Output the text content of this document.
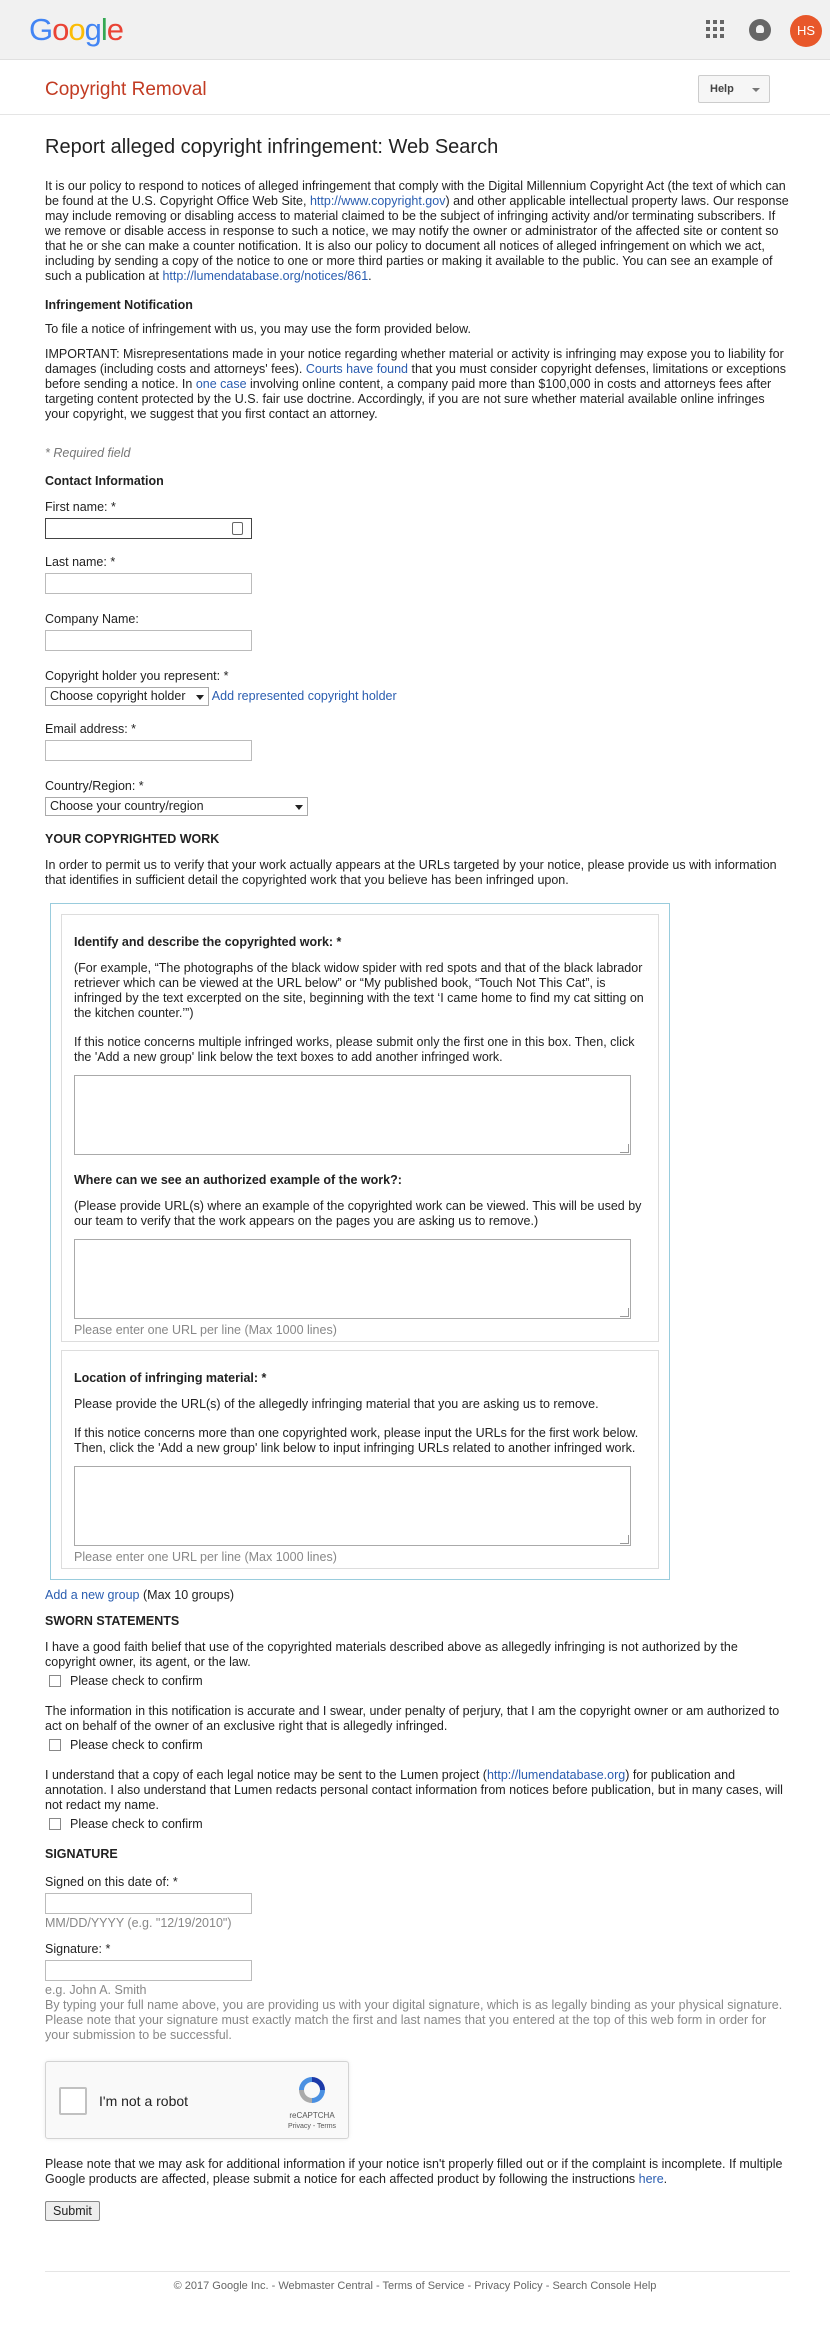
Google	HS
Copyright Removal	Help
Report alleged copyright infringement: Web Search

It is our policy to respond to notices of alleged infringement that comply with the Digital Millennium Copyright Act (the text of which can be found at the U.S. Copyright Office Web Site, http://www.copyright.gov) and other applicable intellectual property laws. Our response may include removing or disabling access to material claimed to be the subject of infringing activity and/or terminating subscribers. If we remove or disable access in response to such a notice, we may notify the owner or administrator of the affected site or content so that he or she can make a counter notification. It is also our policy to document all notices of alleged infringement on which we act, including by sending a copy of the notice to one or more third parties or making it available to the public. You can see an example of such a publication at http://lumendatabase.org/notices/861.

Infringement Notification

To file a notice of infringement with us, you may use the form provided below.

IMPORTANT: Misrepresentations made in your notice regarding whether material or activity is infringing may expose you to liability for damages (including costs and attorneys' fees). Courts have found that you must consider copyright defenses, limitations or exceptions before sending a notice. In one case involving online content, a company paid more than $100,000 in costs and attorneys fees after targeting content protected by the U.S. fair use doctrine. Accordingly, if you are not sure whether material available online infringes your copyright, we suggest that you first contact an attorney.

* Required field
Contact Information
First name: *
Last name: *
Company Name:
Copyright holder you represent: *
Choose copyright holder Add represented copyright holder
Email address: *
Country/Region: *
Choose your country/region
YOUR COPYRIGHTED WORK

In order to permit us to verify that your work actually appears at the URLs targeted by your notice, please provide us with information that identifies in sufficient detail the copyrighted work that you believe has been infringed upon.

Identify and describe the copyrighted work: *

(For example, “The photographs of the black widow spider with red spots and that of the black labrador retriever which can be viewed at the URL below” or “My published book, “Touch Not This Cat”, is infringed by the text excerpted on the site, beginning with the text ‘I came home to find my cat sitting on the kitchen counter.’”)

If this notice concerns multiple infringed works, please submit only the first one in this box. Then, click the 'Add a new group' link below the text boxes to add another infringed work.

Where can we see an authorized example of the work?:

(Please provide URL(s) where an example of the copyrighted work can be viewed. This will be used by our team to verify that the work appears on the pages you are asking us to remove.)

Please enter one URL per line (Max 1000 lines)
Location of infringing material: *

Please provide the URL(s) of the allegedly infringing material that you are asking us to remove.

If this notice concerns more than one copyrighted work, please input the URLs for the first work below. Then, click the 'Add a new group' link below to input infringing URLs related to another infringed work.

Please enter one URL per line (Max 1000 lines)
Add a new group (Max 10 groups)
SWORN STATEMENTS

I have a good faith belief that use of the copyrighted materials described above as allegedly infringing is not authorized by the copyright owner, its agent, or the law.

Please check to confirm

The information in this notification is accurate and I swear, under penalty of perjury, that I am the copyright owner or am authorized to act on behalf of the owner of an exclusive right that is allegedly infringed.

Please check to confirm

I understand that a copy of each legal notice may be sent to the Lumen project (http://lumendatabase.org) for publication and annotation. I also understand that Lumen redacts personal contact information from notices before publication, but in many cases, will not redact my name.

Please check to confirm
SIGNATURE
Signed on this date of: *
MM/DD/YYYY (e.g. "12/19/2010")
Signature: *
e.g. John A. Smith

By typing your full name above, you are providing us with your digital signature, which is as legally binding as your physical signature. Please note that your signature must exactly match the first and last names that you entered at the top of this web form in order for your submission to be successful.

I'm not a robot
reCAPTCHA
Privacy - Terms

Please note that we may ask for additional information if your notice isn't properly filled out or if the complaint is incomplete. If multiple Google products are affected, please submit a notice for each affected product by following the instructions here.

Submit
© 2017 Google Inc. - Webmaster Central - Terms of Service - Privacy Policy - Search Console Help
